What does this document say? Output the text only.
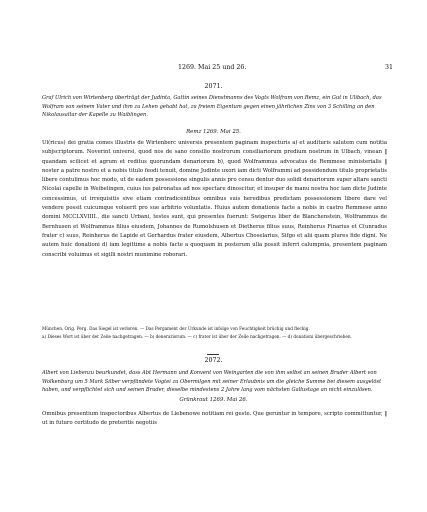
1269. Mai 25 und 26.	31
2071.
Graf Ulrich von Wirtenberg überträgt der Judinta, Gattin seines Dienstmanns des Vogts Wolfram von Remz, ein Gut in Ulibach, das Wolfram von seinem Vater und ihm zu Lehen gehabt hat, zu freiem Eigentum gegen einen jährlichen Zins von 3 Schilling an den Nikolausaltar der Kapelle zu Waiblingen.
Remz 1269. Mai 25.

Ul(ricus) dei gratia comes illustris de Wirtenberc universis presentem paginam inspecturis a) et audituris salutem cum notitia subjscriptorum. Noverint universi, quod nos de sano consilio nostrorum consiliariorum predium nostrum in Ulbach, vinean ‖ quandam scilicet et agrum et reditus quorundam denariorum b), quod Wolframmus advocatus de Remmese ministerialis ‖ noster a patre nostro et a nobis titulo feodi tenuit, domine Judinte uxori iam dicti Wolframmi ad possidendum titulo proprietatis libere contulimus hoc modo, ut de eadem possessione singulis annis pro censu dentur duo solidi denariorum super altare sancti Nicolai capelle in Weibelingen, cuius ius patronatus ad nos spectare dinoscitur, et insuper de manu nostra hoc iam dicte Judinte concessimus, ut irrequisitis sive etiam contradicentibus omnibus suis heredibus predictam possessionem libere dare vel vendere possit cuicumque voluerit pro sue arbitrio voluntatis. Huius autem donationis facte a nobis in castro Remmese anno domini MCCLXVIIII., die sancti Urbani, testes sunt, qui presentes fuerunt: Swigerus liber de Blanchenstein, Wolframmus de Bernhusen et Wolframmus filius eiusdem, Johannes de Rumolshusen et Dietherus filius suus, Reinherus Finarius et C(unradus frater c) suus, Reinherus de Lapide et Gerhardus frater eiusdem, Albertus Choselarius, Sifgo et alii quam plures fide digni. Ne autem huic donationi d) iam legittime a nobis facte a quoquam in posterum ulla possit inferri calumpnia, presentem paginam conscribi voluimus et sigilli nostri munimine roborari.

München. Orig. Perg. Das Siegel ist verloren. — Das Pergament der Urkunde ist infolge von Feuchtigkeit brüchig und fleckig.

a) Dieses Wort ist über der Zeile nachgetragen. — b) denerariorum. — c) frater ist über der Zeile nachgetragen. — d) donationi übergeschrieben.

2072.
Albert von Liebenzu beurkundet, dass Abt Hermann und Konvent von Weingarten die von ihm selbst an seinen Bruder Albert von Wolkenburg um 5 Mark Silber verpfändete Vogtei zu Obermilgen mit seiner Erlaubnis um die gleiche Summe bei diesem ausgelöst haben, und verpflichtet sich und seinen Bruder, dieselbe mindestens 2 Jahre lang vom nächsten Gallustage an nicht einzulösen.
Grünkraut 1269. Mai 26.

Omnibus presentium inspectoribus Albertus de Liebenowe notitiam rei geste. Que geruntur in tempore, scripto committuntur, ‖ ut in futuro certitudo de preteritis negotiis
